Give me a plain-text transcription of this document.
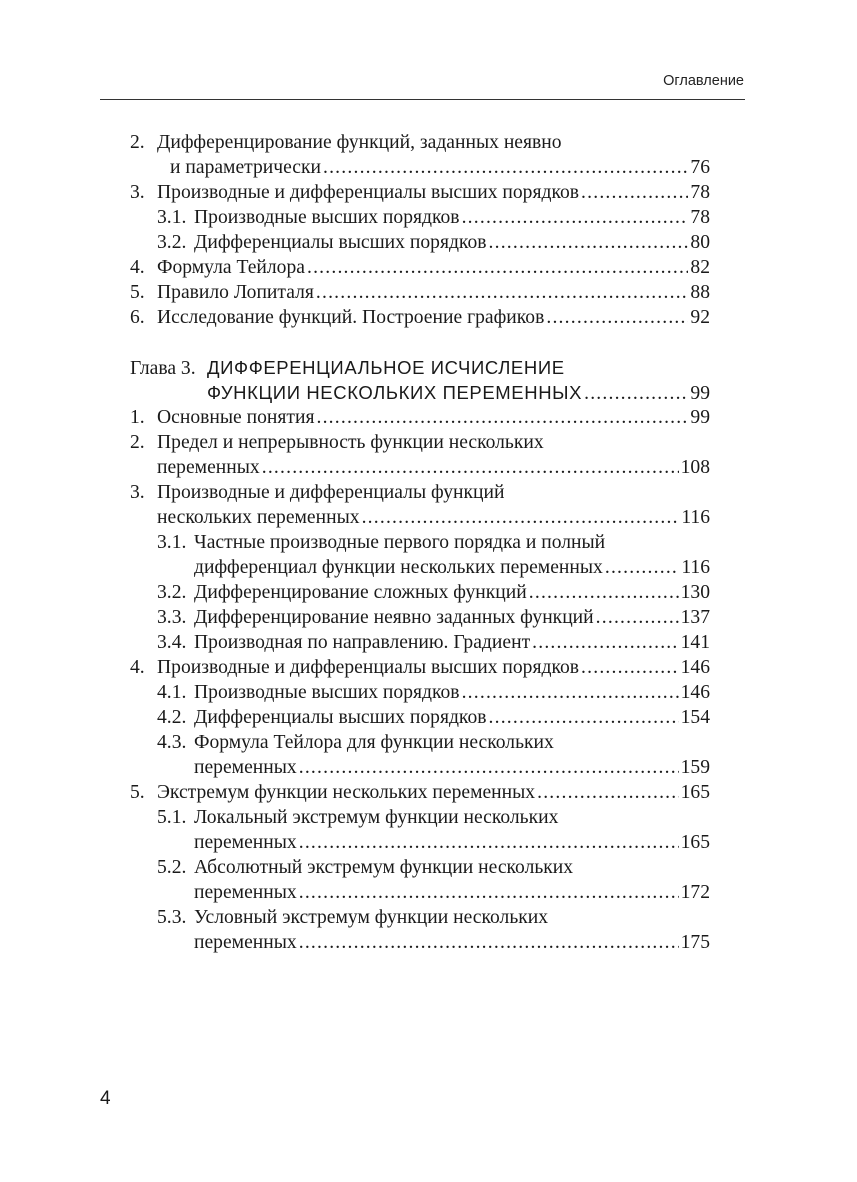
Оглавление
2. Дифференцирование функций, заданных неявно
и параметрически .....	76
3. Производные и дифференциалы высших порядков .....	78
3.1. Производные высших порядков .....	78
3.2. Дифференциалы высших порядков .....	80
4. Формула Тейлора .....	82
5. Правило Лопиталя .....	88
6. Исследование функций. Построение графиков .....	92
Глава 3. ДИФФЕРЕНЦИАЛЬНОЕ ИСЧИСЛЕНИЕ
ФУНКЦИИ НЕСКОЛЬКИХ ПЕРЕМЕННЫХ .....	99
1. Основные понятия .....	99
2. Предел и непрерывность функции нескольких
переменных .....	108
3. Производные и дифференциалы функций
нескольких переменных .....	116
3.1. Частные производные первого порядка и полный
дифференциал функции нескольких переменных .....	116
3.2. Дифференцирование сложных функций .....	130
3.3. Дифференцирование неявно заданных функций .....	137
3.4. Производная по направлению. Градиент .....	141
4. Производные и дифференциалы высших порядков .....	146
4.1. Производные высших порядков .....	146
4.2. Дифференциалы высших порядков .....	154
4.3. Формула Тейлора для функции нескольких
переменных .....	159
5. Экстремум функции нескольких переменных .....	165
5.1. Локальный экстремум функции нескольких
переменных .....	165
5.2. Абсолютный экстремум функции нескольких
переменных .....	172
5.3. Условный экстремум функции нескольких
переменных .....	175
4
